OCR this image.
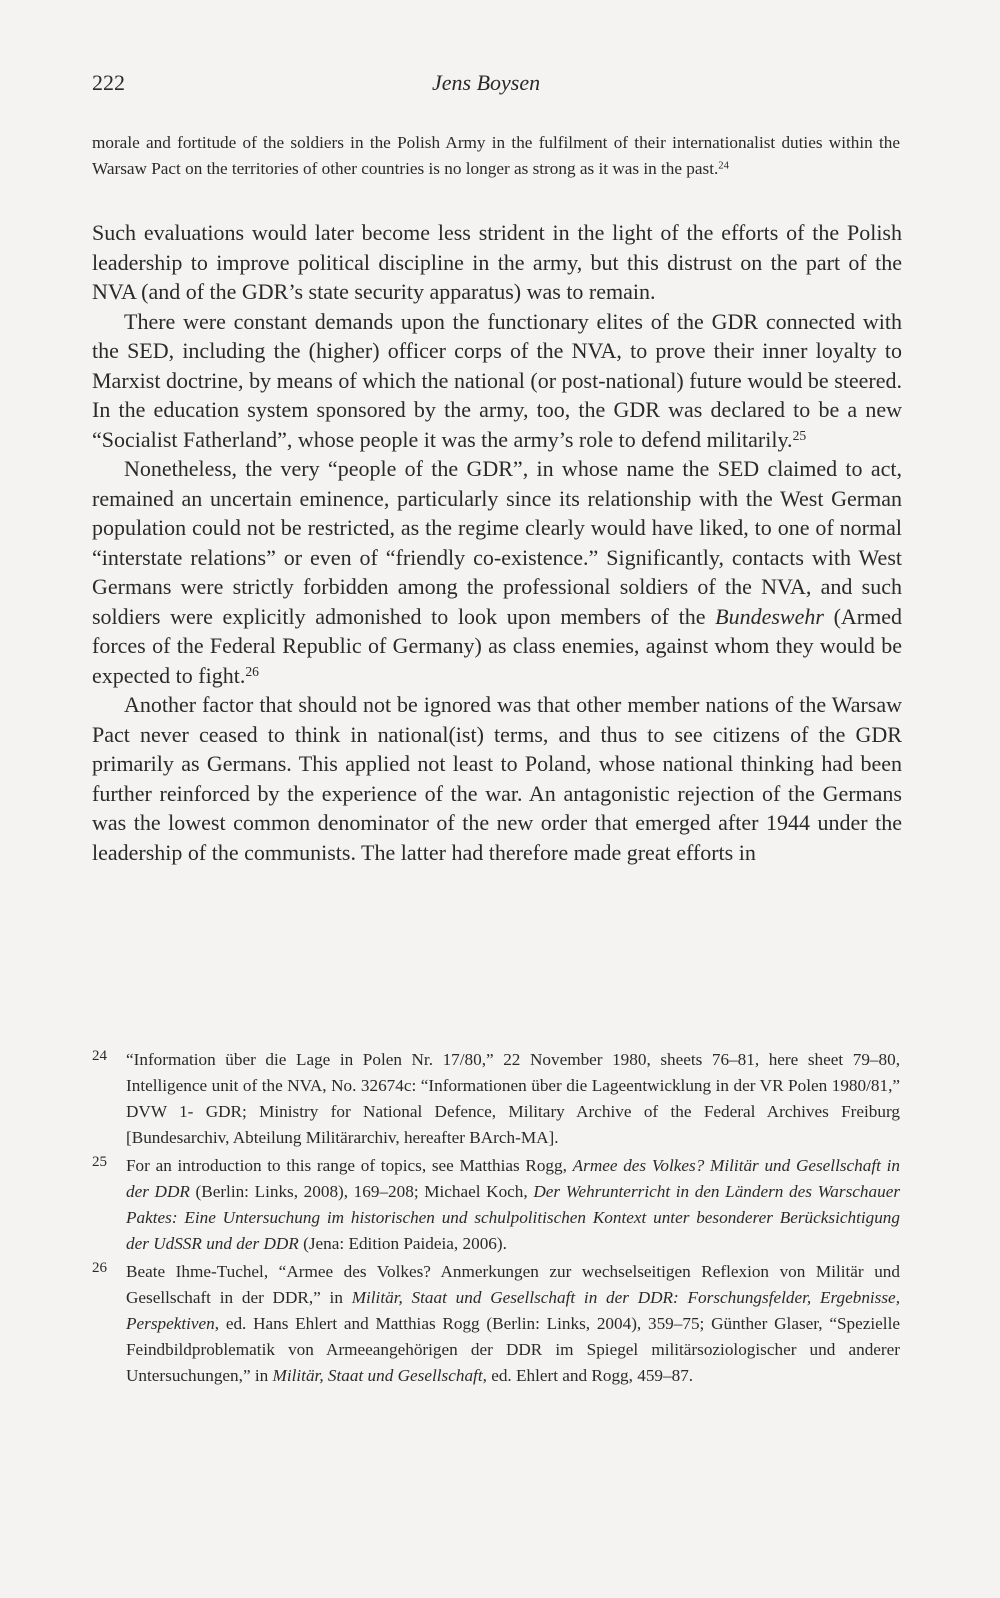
222	Jens Boysen
morale and fortitude of the soldiers in the Polish Army in the fulfilment of their internationalist duties within the Warsaw Pact on the territories of other countries is no longer as strong as it was in the past.$^{24}$

Such evaluations would later become less strident in the light of the efforts of the Polish leadership to improve political discipline in the army, but this distrust on the part of the NVA (and of the GDR’s state security apparatus) was to remain.

There were constant demands upon the functionary elites of the GDR connected with the SED, including the (higher) officer corps of the NVA, to prove their inner loyalty to Marxist doctrine, by means of which the national (or post-national) future would be steered. In the education system sponsored by the army, too, the GDR was declared to be a new “Socialist Fatherland”, whose people it was the army’s role to defend militarily.$^{25}$

Nonetheless, the very “people of the GDR”, in whose name the SED claimed to act, remained an uncertain eminence, particularly since its relationship with the West German population could not be restricted, as the regime clearly would have liked, to one of normal “interstate relations” or even of “friendly co-existence.” Significantly, contacts with West Germans were strictly forbidden among the professional soldiers of the NVA, and such soldiers were explicitly admonished to look upon members of the Bundeswehr (Armed forces of the Federal Republic of Germany) as class enemies, against whom they would be expected to fight.$^{26}$

Another factor that should not be ignored was that other member nations of the Warsaw Pact never ceased to think in national(ist) terms, and thus to see citizens of the GDR primarily as Germans. This applied not least to Poland, whose national thinking had been further reinforced by the experience of the war. An antagonistic rejection of the Germans was the lowest common denominator of the new order that emerged after 1944 under the leadership of the communists. The latter had therefore made great efforts in

24 “Information über die Lage in Polen Nr. 17/80,” 22 November 1980, sheets 76–81, here sheet 79–80, Intelligence unit of the NVA, No. 32674c: “Informationen über die Lageentwicklung in der VR Polen 1980/81,” DVW 1- GDR; Ministry for National Defence, Military Archive of the Federal Archives Freiburg [Bundesarchiv, Abteilung Militärarchiv, hereafter BArch-MA].
25 For an introduction to this range of topics, see Matthias Rogg, Armee des Volkes? Militär und Gesellschaft in der DDR (Berlin: Links, 2008), 169–208; Michael Koch, Der Wehrunterricht in den Ländern des Warschauer Paktes: Eine Untersuchung im historischen und schulpolitischen Kontext unter besonderer Berücksichtigung der UdSSR und der DDR (Jena: Edition Paideia, 2006).
26 Beate Ihme-Tuchel, “Armee des Volkes? Anmerkungen zur wechselseitigen Reflexion von Militär und Gesellschaft in der DDR,” in Militär, Staat und Gesellschaft in der DDR: Forschungsfelder, Ergebnisse, Perspektiven, ed. Hans Ehlert and Matthias Rogg (Berlin: Links, 2004), 359–75; Günther Glaser, “Spezielle Feindbildproblematik von Armeeangehörigen der DDR im Spiegel militärsoziologischer und anderer Untersuchungen,” in Militär, Staat und Gesellschaft, ed. Ehlert and Rogg, 459–87.
